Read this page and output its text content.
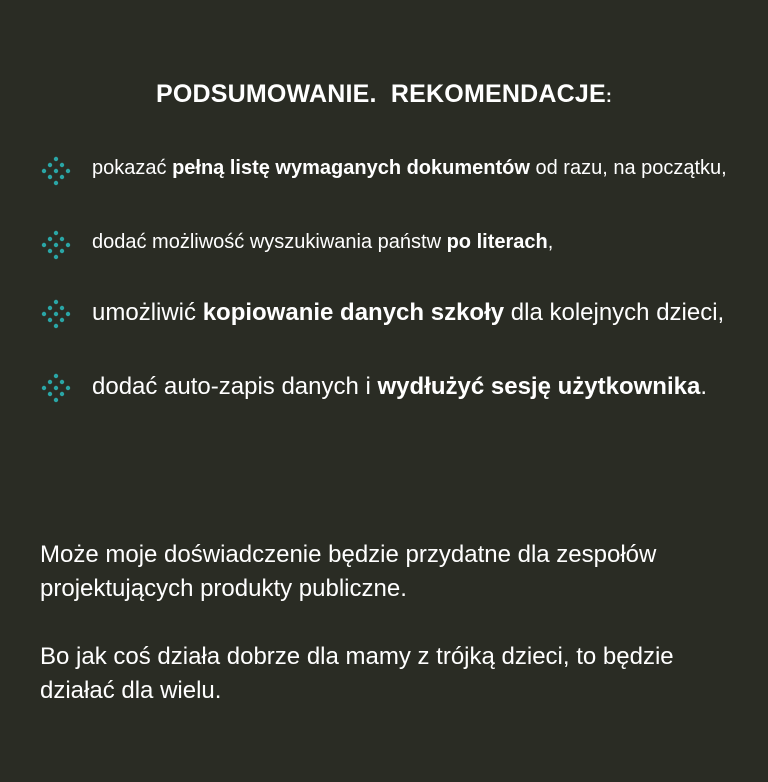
PODSUMOWANIE.  REKOMENDACJE:
pokazać pełną listę wymaganych dokumentów od razu, na początku,
dodać możliwość wyszukiwania państw po literach,
umożliwić kopiowanie danych szkoły dla kolejnych dzieci,
dodać auto-zapis danych i wydłużyć sesję użytkownika.
Może moje doświadczenie będzie przydatne dla zespołów projektujących produkty publiczne.
Bo jak coś działa dobrze dla mamy z trójką dzieci, to będzie działać dla wielu.
